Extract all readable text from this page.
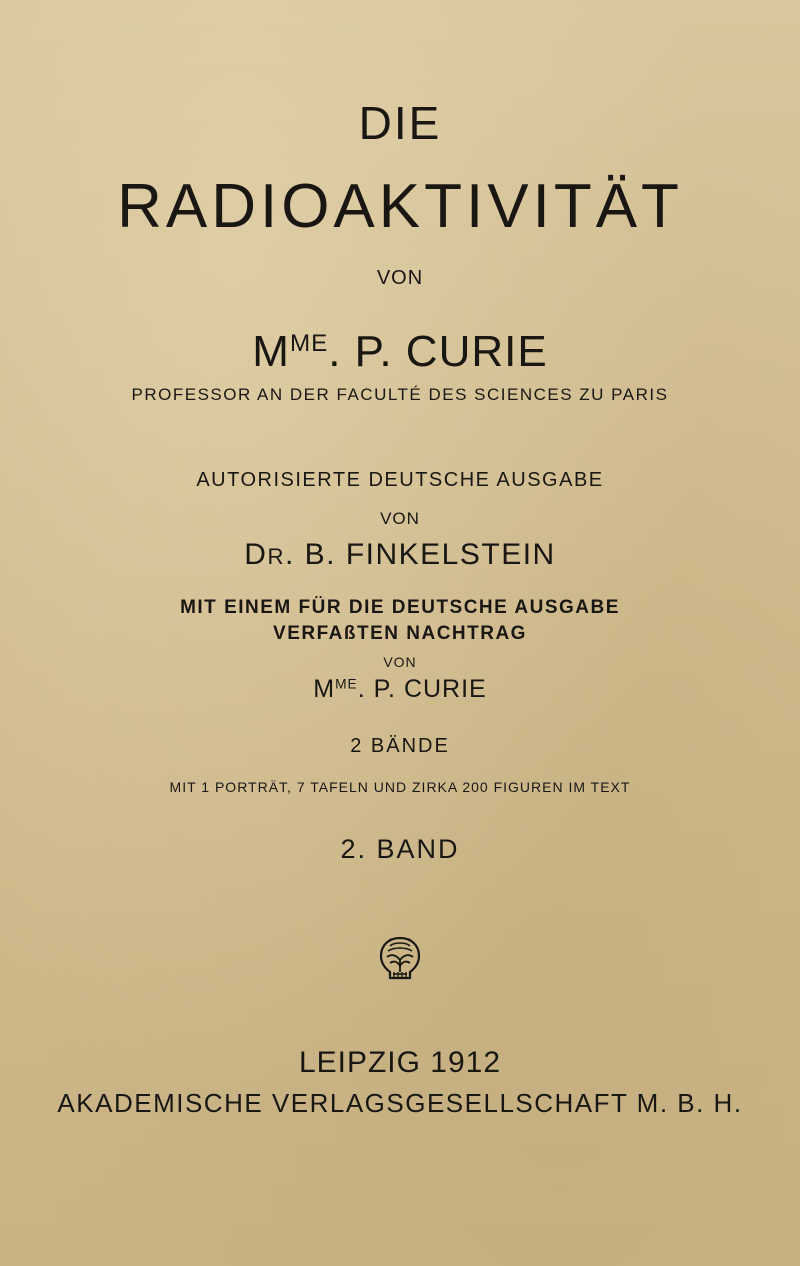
DIE
RADIOAKTIVITÄT
VON
$M^{ME}$. P. CURIE
PROFESSOR AN DER FACULTÉ DES SCIENCES ZU PARIS
AUTORISIERTE DEUTSCHE AUSGABE
VON
DR. B. FINKELSTEIN
MIT EINEM FÜR DIE DEUTSCHE AUSGABE
VERFAßTEN NACHTRAG
VON
$M^{ME}$. P. CURIE
2 BÄNDE
MIT 1 PORTRÄT, 7 TAFELN UND ZIRKA 200 FIGUREN IM TEXT
2. BAND
LEIPZIG 1912
AKADEMISCHE VERLAGSGESELLSCHAFT M. B. H.
